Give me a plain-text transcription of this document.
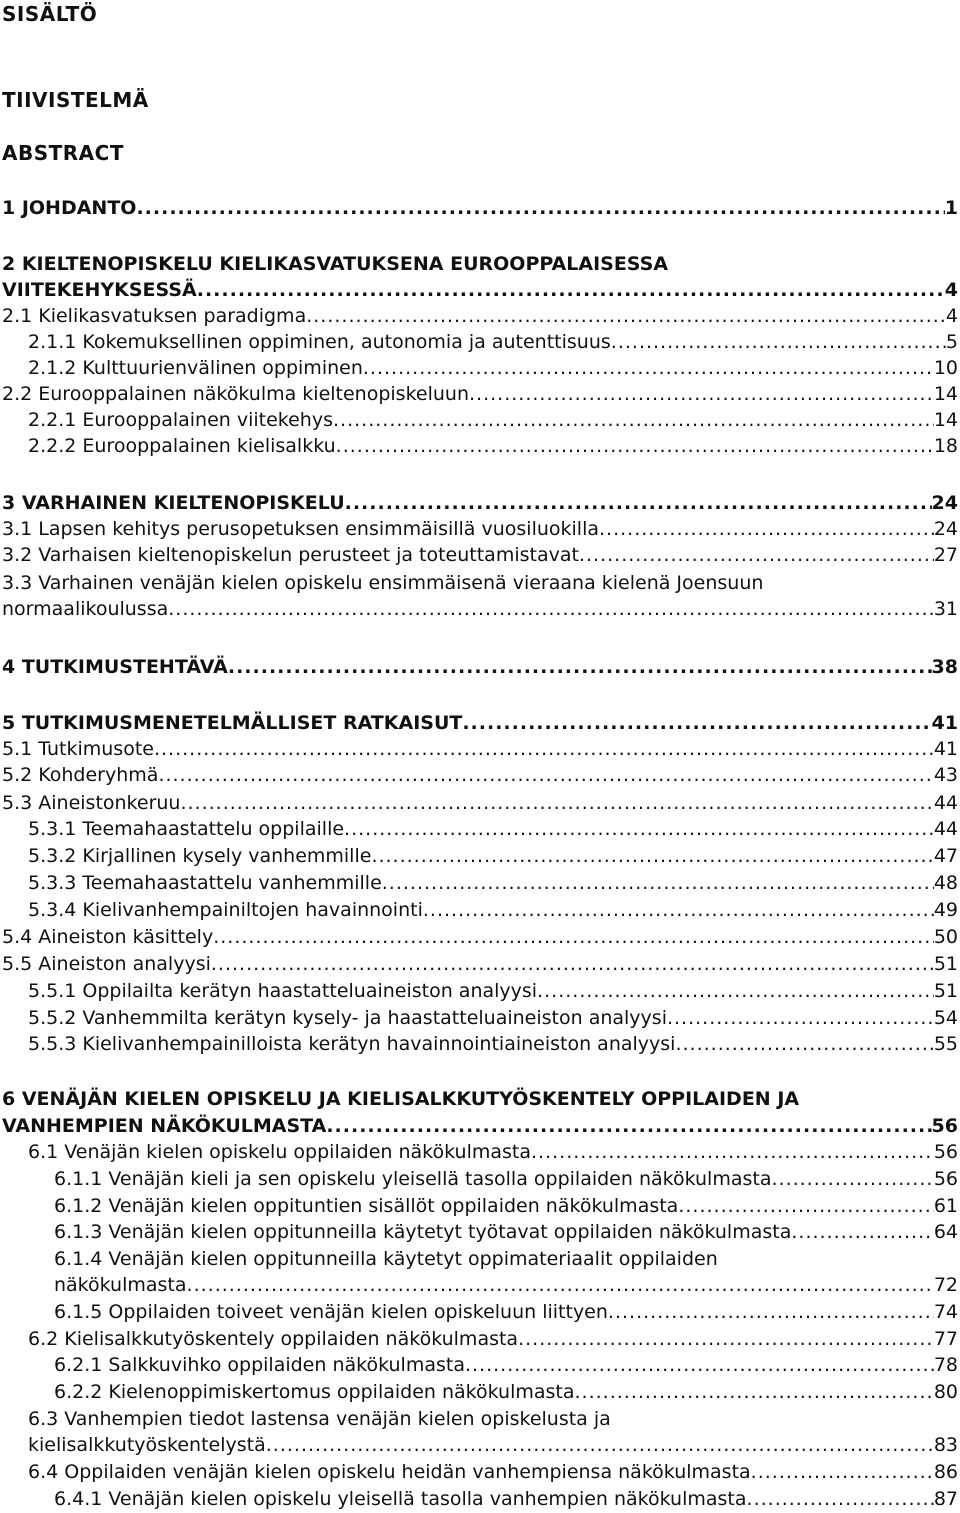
SISÄLTÖ
TIIVISTELMÄ
ABSTRACT
1 JOHDANTO .....	1
2 KIELTENOPISKELU KIELIKASVATUKSENA EUROOPPALAISESSA
VIITEKEHYKSESSÄ .....	4
2.1 Kielikasvatuksen paradigma .....	4
2.1.1 Kokemuksellinen oppiminen, autonomia ja autenttisuus .....	5
2.1.2 Kulttuurienvälinen oppiminen .....	10
2.2 Eurooppalainen näkökulma kieltenopiskeluun .....	14
2.2.1 Eurooppalainen viitekehys .....	14
2.2.2 Eurooppalainen kielisalkku .....	18
3 VARHAINEN KIELTENOPISKELU .....	24
3.1 Lapsen kehitys perusopetuksen ensimmäisillä vuosiluokilla .....	24
3.2 Varhaisen kieltenopiskelun perusteet ja toteuttamistavat .....	27
3.3 Varhainen venäjän kielen opiskelu ensimmäisenä vieraana kielenä Joensuun
normaalikoulussa .....	31
4 TUTKIMUSTEHTÄVÄ .....	38
5 TUTKIMUSMENETELMÄLLISET RATKAISUT .....	41
5.1 Tutkimusote .....	41
5.2 Kohderyhmä .....	43
5.3 Aineistonkeruu .....	44
5.3.1 Teemahaastattelu oppilaille .....	44
5.3.2 Kirjallinen kysely vanhemmille .....	47
5.3.3 Teemahaastattelu vanhemmille .....	48
5.3.4 Kielivanhempainiltojen havainnointi .....	49
5.4 Aineiston käsittely .....	50
5.5 Aineiston analyysi .....	51
5.5.1 Oppilailta kerätyn haastatteluaineiston analyysi .....	51
5.5.2 Vanhemmilta kerätyn kysely- ja haastatteluaineiston analyysi .....	54
5.5.3 Kielivanhempainilloista kerätyn havainnointiaineiston analyysi .....	55
6 VENÄJÄN KIELEN OPISKELU JA KIELISALKKUTYÖSKENTELY OPPILAIDEN JA
VANHEMPIEN NÄKÖKULMASTA .....	56
6.1 Venäjän kielen opiskelu oppilaiden näkökulmasta .....	56
6.1.1 Venäjän kieli ja sen opiskelu yleisellä tasolla oppilaiden näkökulmasta .....	56
6.1.2 Venäjän kielen oppituntien sisällöt oppilaiden näkökulmasta .....	61
6.1.3 Venäjän kielen oppitunneilla käytetyt työtavat oppilaiden näkökulmasta .....	64
6.1.4 Venäjän kielen oppitunneilla käytetyt oppimateriaalit oppilaiden
näkökulmasta .....	72
6.1.5 Oppilaiden toiveet venäjän kielen opiskeluun liittyen .....	74
6.2 Kielisalkkutyöskentely oppilaiden näkökulmasta .....	77
6.2.1 Salkkuvihko oppilaiden näkökulmasta .....	78
6.2.2 Kielenoppimiskertomus oppilaiden näkökulmasta .....	80
6.3 Vanhempien tiedot lastensa venäjän kielen opiskelusta ja
kielisalkkutyöskentelystä .....	83
6.4 Oppilaiden venäjän kielen opiskelu heidän vanhempiensa näkökulmasta .....	86
6.4.1 Venäjän kielen opiskelu yleisellä tasolla vanhempien näkökulmasta .....	87
